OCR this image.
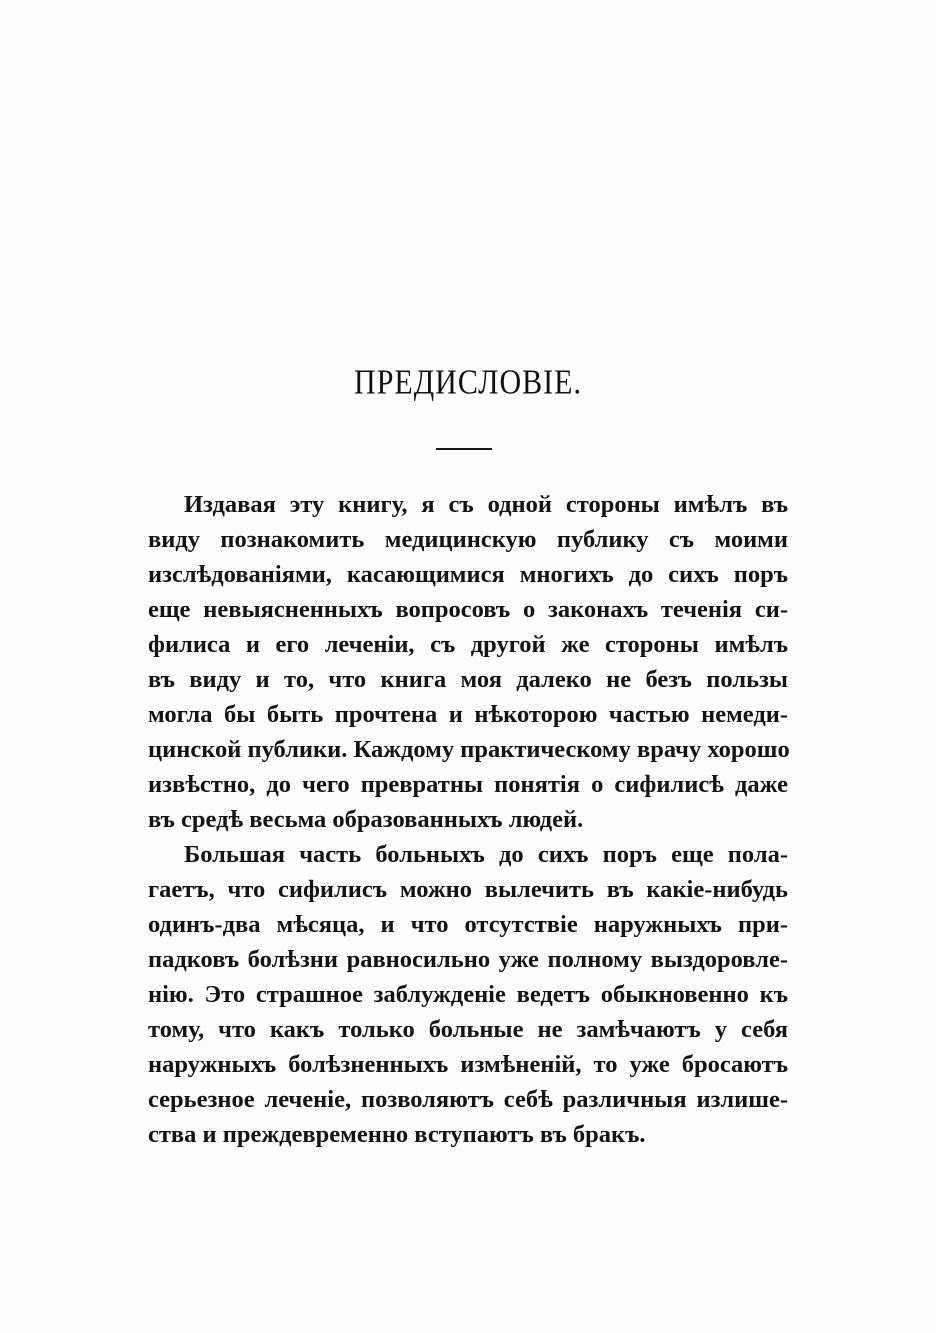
ПРЕДИСЛОВІЕ.
Издавая эту книгу, я съ одной стороны имѣлъ въ
виду познакомить медицинскую публику съ моими
изслѣдованіями, касающимися многихъ до сихъ поръ
еще невыясненныхъ вопросовъ о законахъ теченія си-
филиса и его леченіи, съ другой же стороны имѣлъ
въ виду и то, что книга моя далеко не безъ пользы
могла бы быть прочтена и нѣкоторою частью немеди-
цинской публики. Каждому практическому врачу хорошо
извѣстно, до чего превратны понятія о сифилисѣ даже
въ средѣ весьма образованныхъ людей.
Большая часть больныхъ до сихъ поръ еще пола-
гаетъ, что сифилисъ можно вылечить въ какіе-нибудь
одинъ-два мѣсяца, и что отсутствіе наружныхъ при-
падковъ болѣзни равносильно уже полному выздоровле-
нію. Это страшное заблужденіе ведетъ обыкновенно къ
тому, что какъ только больные не замѣчаютъ у себя
наружныхъ болѣзненныхъ измѣненій, то уже бросаютъ
серьезное леченіе, позволяютъ себѣ различныя излише-
ства и преждевременно вступаютъ въ бракъ.
